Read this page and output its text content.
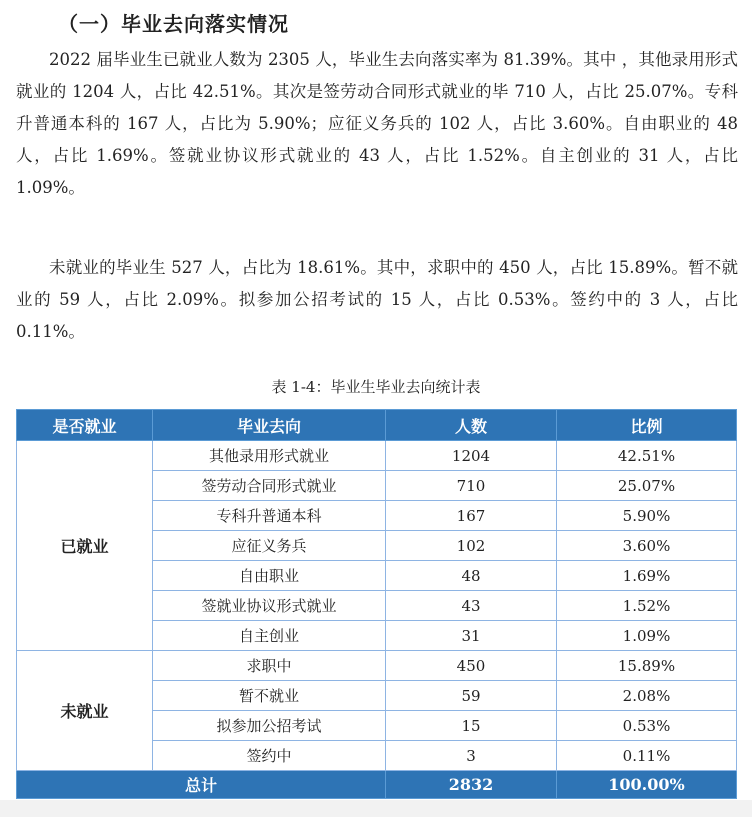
（一）毕业去向落实情况

2022 届毕业生已就业人数为 2305 人，毕业生去向落实率为 81.39%。其中 ，其他录用形式就业的 1204 人，占比 42.51%。其次是签劳动合同形式就业的毕 710 人，占比 25.07%。专科升普通本科的 167 人，占比为 5.90%；应征义务兵的 102 人，占比 3.60%。自由职业的 48 人，占比 1.69%。签就业协议形式就业的 43 人，占比 1.52%。自主创业的 31 人，占比 1.09%。

未就业的毕业生 527 人，占比为 18.61%。其中，求职中的 450 人，占比 15.89%。暂不就业的 59 人，占比 2.09%。拟参加公招考试的 15 人，占比 0.53%。签约中的 3 人，占比 0.11%。

表 1-4：毕业生毕业去向统计表
是否就业	毕业去向	人数	比例
已就业	其他录用形式就业	1204	42.51%
	签劳动合同形式就业	710	25.07%
	专科升普通本科	167	5.90%
	应征义务兵	102	3.60%
	自由职业	48	1.69%
	签就业协议形式就业	43	1.52%
	自主创业	31	1.09%
未就业	求职中	450	15.89%
	暂不就业	59	2.08%
	拟参加公招考试	15	0.53%
	签约中	3	0.11%
总计		2832	100.00%
